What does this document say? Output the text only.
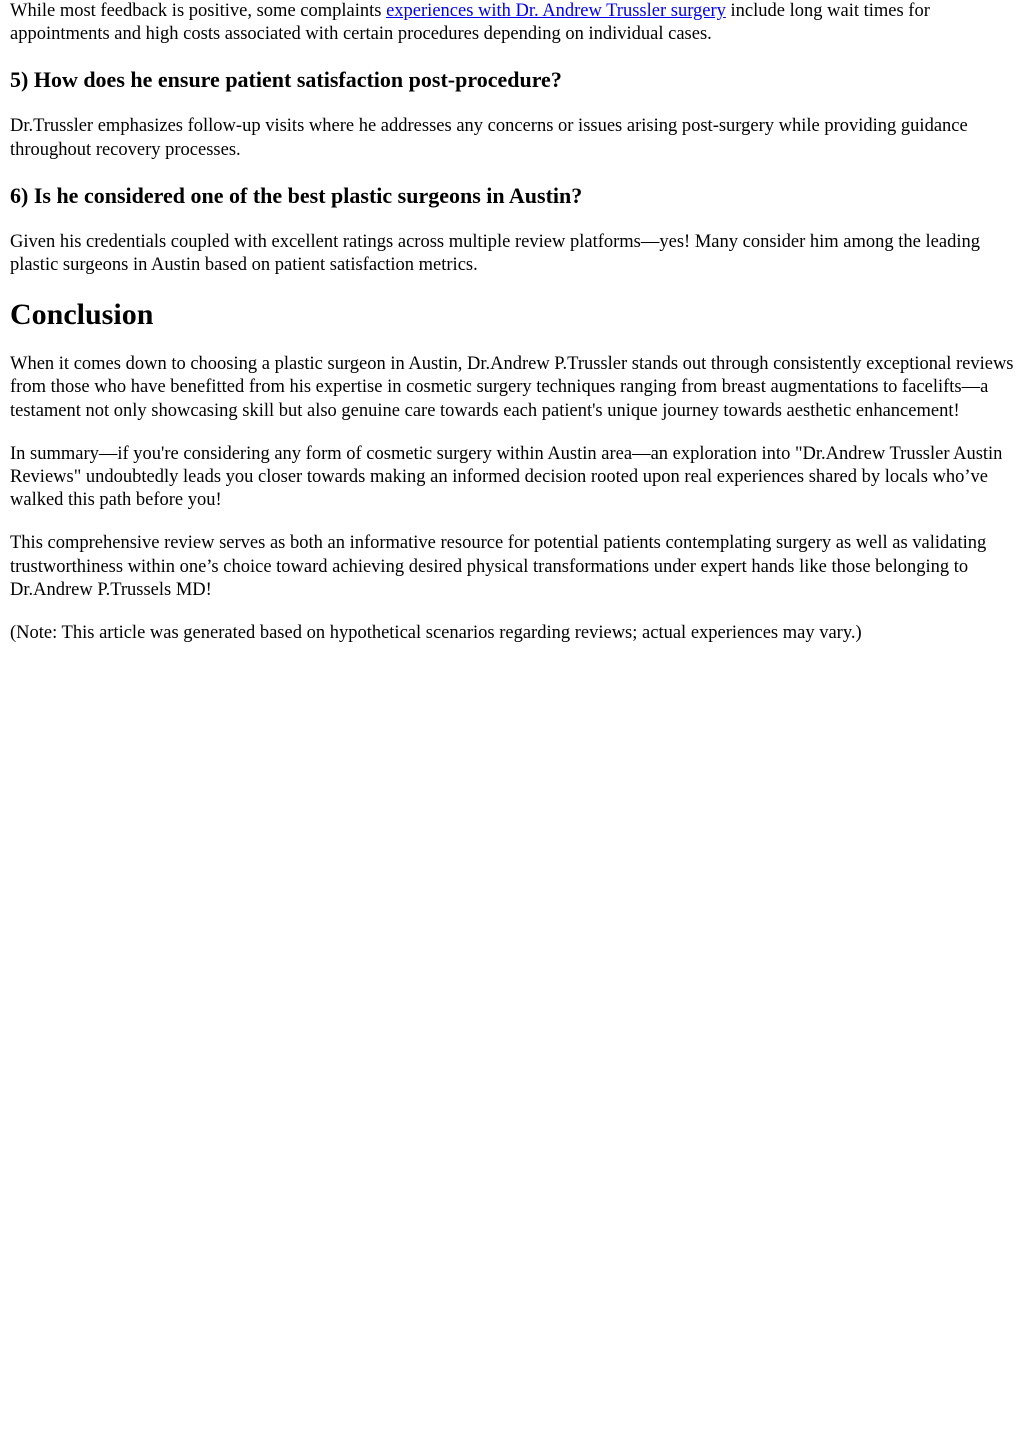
While most feedback is positive, some complaints experiences with Dr. Andrew Trussler surgery include long wait times for appointments and high costs associated with certain procedures depending on individual cases.

5) How does he ensure patient satisfaction post-procedure?

Dr.Trussler emphasizes follow-up visits where he addresses any concerns or issues arising post-surgery while providing guidance throughout recovery processes.

6) Is he considered one of the best plastic surgeons in Austin?

Given his credentials coupled with excellent ratings across multiple review platforms—yes! Many consider him among the leading plastic surgeons in Austin based on patient satisfaction metrics.

Conclusion

When it comes down to choosing a plastic surgeon in Austin, Dr.Andrew P.Trussler stands out through consistently exceptional reviews from those who have benefitted from his expertise in cosmetic surgery techniques ranging from breast augmentations to facelifts—a testament not only showcasing skill but also genuine care towards each patient's unique journey towards aesthetic enhancement!

In summary—if you're considering any form of cosmetic surgery within Austin area—an exploration into "Dr.Andrew Trussler Austin Reviews" undoubtedly leads you closer towards making an informed decision rooted upon real experiences shared by locals who’ve walked this path before you!

This comprehensive review serves as both an informative resource for potential patients contemplating surgery as well as validating trustworthiness within one’s choice toward achieving desired physical transformations under expert hands like those belonging to Dr.Andrew P.Trussels MD!

(Note: This article was generated based on hypothetical scenarios regarding reviews; actual experiences may vary.)
